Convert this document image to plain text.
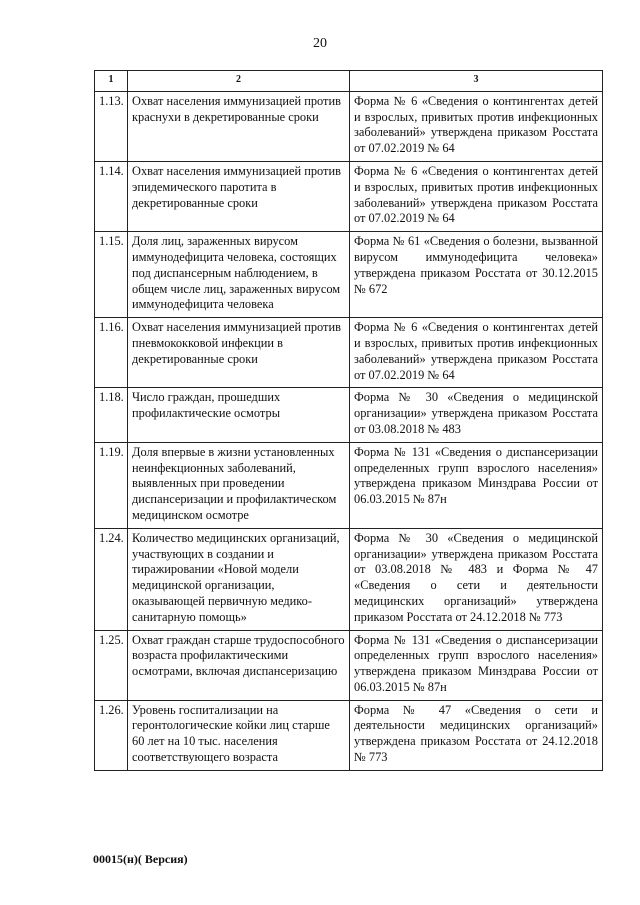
20
1	2	3
1.13.	Охват населения иммунизацией против краснухи в декретированные сроки	Форма № 6 «Сведения о контингентах детей и взрослых, привитых против инфекционных заболеваний» утверждена приказом Росстата от 07.02.2019 № 64
1.14.	Охват населения иммунизацией против эпидемического паротита в декретированные сроки	Форма № 6 «Сведения о контингентах детей и взрослых, привитых против инфекционных заболеваний» утверждена приказом Росстата от 07.02.2019 № 64
1.15.	Доля лиц, зараженных вирусом иммунодефицита человека, состоящих под диспансерным наблюдением, в общем числе лиц, зараженных вирусом иммунодефицита человека	Форма № 61 «Сведения о болезни, вызванной вирусом иммунодефицита человека» утверждена приказом Росстата от 30.12.2015 № 672
1.16.	Охват населения иммунизацией против пневмококковой инфекции в декретированные сроки	Форма № 6 «Сведения о контингентах детей и взрослых, привитых против инфекционных заболеваний» утверждена приказом Росстата от 07.02.2019 № 64
1.18.	Число граждан, прошедших профилактические осмотры	Форма № 30 «Сведения о медицинской организации» утверждена приказом Росстата от 03.08.2018 № 483
1.19.	Доля впервые в жизни установленных неинфекционных заболеваний, выявленных при проведении диспансеризации и профилактическом медицинском осмотре	Форма № 131 «Сведения о диспансеризации определенных групп взрослого населения» утверждена приказом Минздрава России от 06.03.2015 № 87н
1.24.	Количество медицинских организаций, участвующих в создании и тиражировании «Новой модели медицинской организации, оказывающей первичную медико-санитарную помощь»	Форма № 30 «Сведения о медицинской организации» утверждена приказом Росстата от 03.08.2018 № 483 и Форма № 47 «Сведения о сети и деятельности медицинских организаций» утверждена приказом Росстата от 24.12.2018 № 773
1.25.	Охват граждан старше трудоспособного возраста профилактическими осмотрами, включая диспансеризацию	Форма № 131 «Сведения о диспансеризации определенных групп взрослого населения» утверждена приказом Минздрава России от 06.03.2015 № 87н
1.26.	Уровень госпитализации на геронтологические койки лиц старше 60 лет на 10 тыс. населения соответствующего возраста	Форма № 47 «Сведения о сети и деятельности медицинских организаций» утверждена приказом Росстата от 24.12.2018 № 773
00015(н)( Версия)
